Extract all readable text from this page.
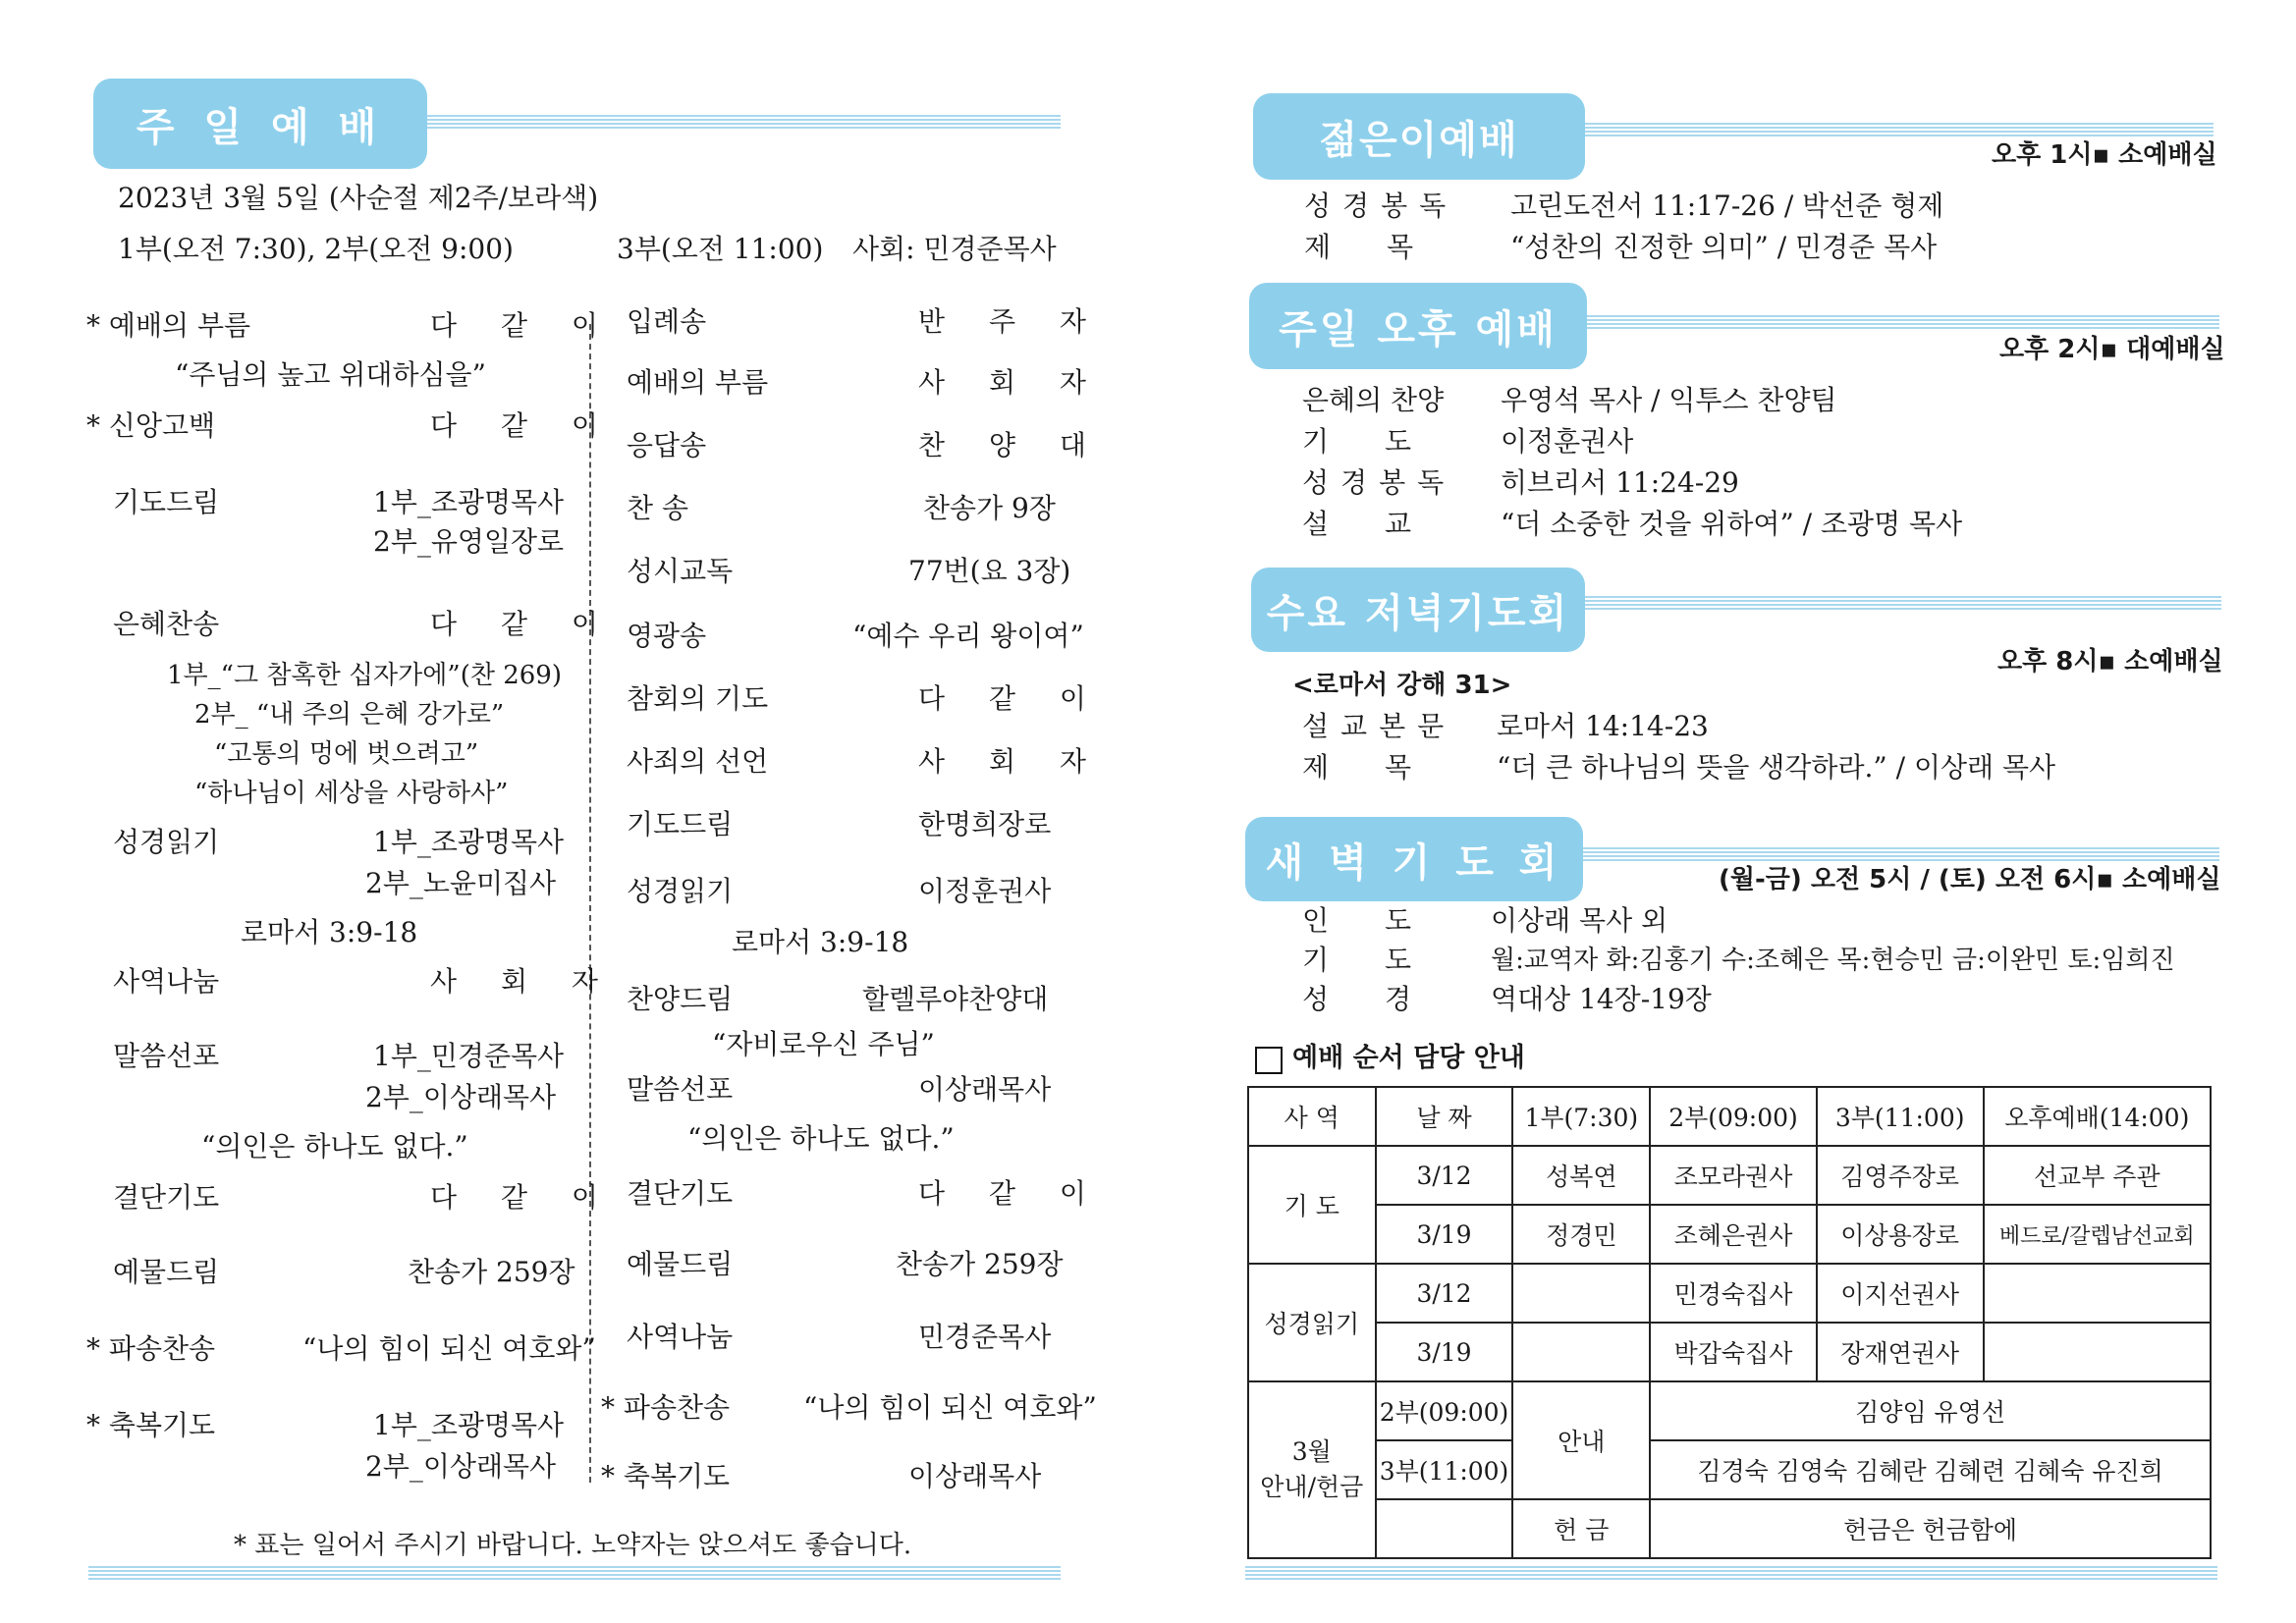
주 일 예 배
2023년 3월 5일 (사순절 제2주/보라색)
1부(오전 7:30), 2부(오전 9:00)	3부(오전 11:00) 사회: 민경준목사
* 예배의 부름	다 같 이
“주님의 높고 위대하심을”
* 신앙고백	다 같 이
기도드림	1부_조광명목사
2부_유영일장로
은혜찬송	다 같 이
1부_“그 참혹한 십자가에”(찬 269)
2부_ “내 주의 은혜 강가로”
“고통의 멍에 벗으려고”
“하나님이 세상을 사랑하사”
성경읽기	1부_조광명목사
2부_노윤미집사
로마서 3:9-18
사역나눔	사 회 자
말씀선포	1부_민경준목사
2부_이상래목사
“의인은 하나도 없다.”
결단기도	다 같 이
예물드림	찬송가 259장
* 파송찬송	“나의 힘이 되신 여호와”
* 축복기도	1부_조광명목사
2부_이상래목사
입례송	반 주 자
예배의 부름	사 회 자
응답송	찬 양 대
찬 송	찬송가 9장
성시교독	77번(요 3장)
영광송	“예수 우리 왕이여”
참회의 기도	다 같 이
사죄의 선언	사 회 자
기도드림	한명희장로
성경읽기	이정훈권사
로마서 3:9-18
찬양드림	할렐루야찬양대
“자비로우신 주님”
말씀선포	이상래목사
“의인은 하나도 없다.”
결단기도	다 같 이
예물드림	찬송가 259장
사역나눔	민경준목사
* 파송찬송	“나의 힘이 되신 여호와”
* 축복기도	이상래목사
* 표는 일어서 주시기 바랍니다. 노약자는 앉으셔도 좋습니다.
젊은이예배	오후 1시▪ 소예배실
성경봉독 고린도전서 11:17-26 / 박선준 형제
제 목	“성찬의 진정한 의미” / 민경준 목사
주일 오후 예배	오후 2시▪ 대예배실
은혜의 찬양 우영석 목사 / 익투스 찬양팀
기 도 이정훈권사
성경봉독 히브리서 11:24-29
설 교 “더 소중한 것을 위하여” / 조광명 목사
수요 저녁기도회
오후 8시▪ 소예배실
<로마서 강해 31>
설교본문 로마서 14:14-23
제 목 “더 큰 하나님의 뜻을 생각하라.” / 이상래 목사
새 벽 기 도 회	(월-금) 오전 5시 / (토) 오전 6시▪ 소예배실
인 도 이상래 목사 외
기 도 월:교역자 화:김홍기 수:조혜은 목:현승민 금:이완민 토:임희진
성 경 역대상 14장-19장
예배 순서 담당 안내
사 역	날 짜	1부(7:30)	2부(09:00)	3부(11:00)	오후예배(14:00)
기 도	3/12	성복연	조모라권사	김영주장로	선교부 주관
	3/19	정경민	조혜은권사	이상용장로	베드로/갈렙남선교회
성경읽기	3/12		민경숙집사	이지선권사	
	3/19		박갑숙집사	장재연권사	
3월
안내/헌금	2부(09:00)	안내	김양임 유영선		
	3부(11:00)		김경숙 김영숙 김혜란 김혜련 김혜숙 유진희		
		헌 금	헌금은 헌금함에		
